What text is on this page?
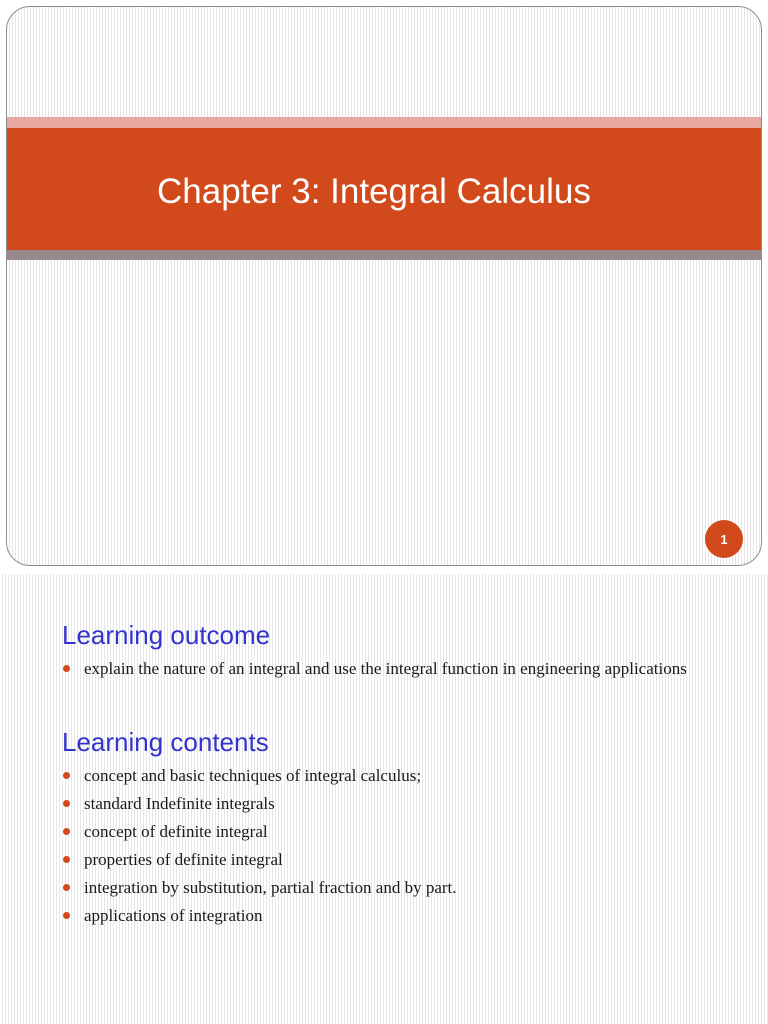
Chapter 3: Integral Calculus
1
Learning outcome
explain the nature of an integral and use the integral function in engineering applications
Learning contents
concept and basic techniques of integral calculus;
standard Indefinite integrals
concept of definite integral
properties of definite integral
integration by substitution, partial fraction and by part.
applications of integration
